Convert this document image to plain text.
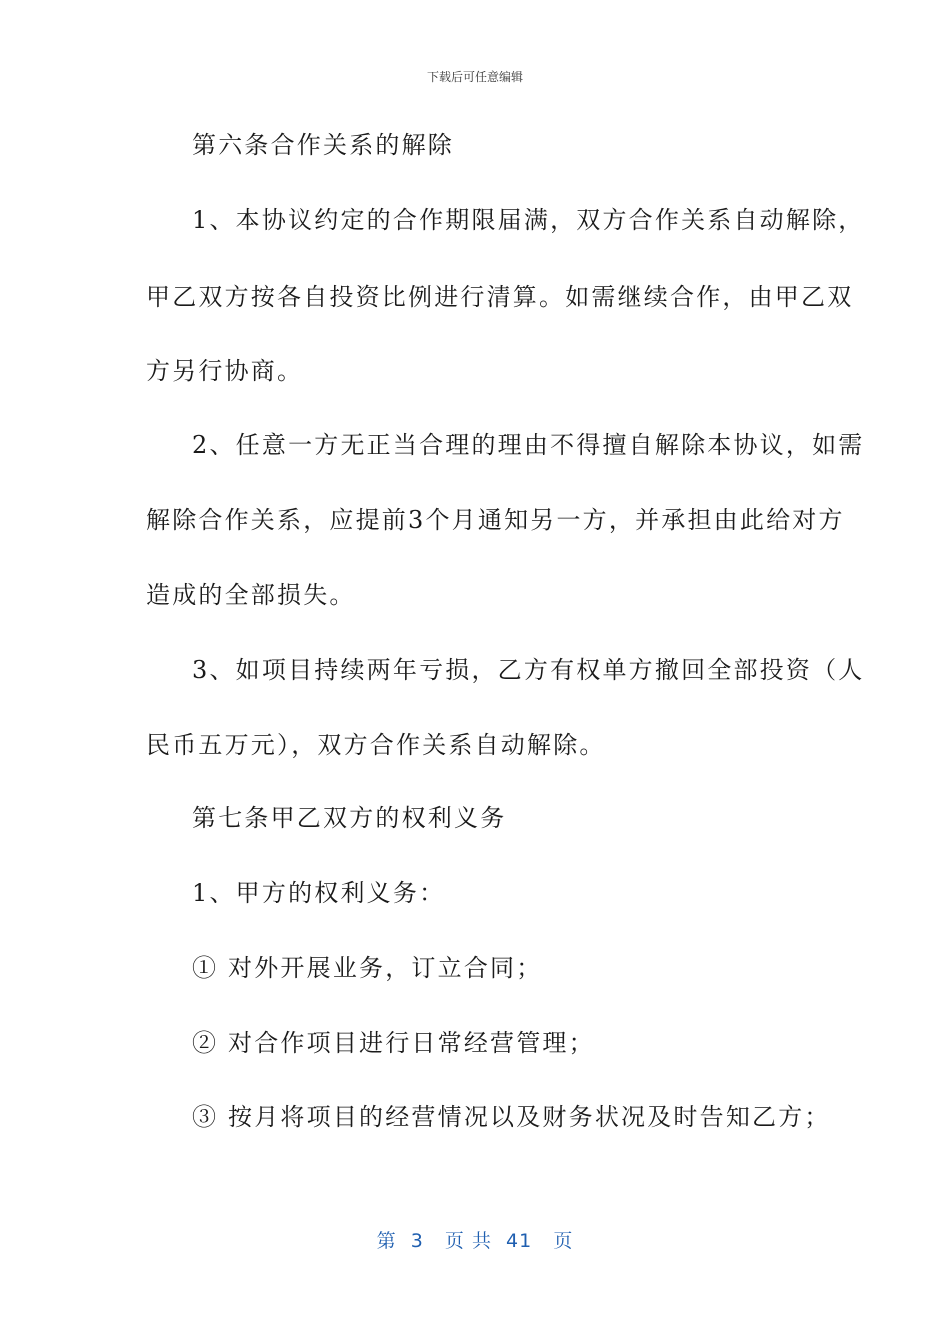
下载后可任意编辑
第六条合作关系的解除
1、本协议约定的合作期限届满，双方合作关系自动解除，
甲乙双方按各自投资比例进行清算。如需继续合作，由甲乙双
方另行协商。
2、任意一方无正当合理的理由不得擅自解除本协议，如需
解除合作关系，应提前3个月通知另一方，并承担由此给对方
造成的全部损失。
3、如项目持续两年亏损，乙方有权单方撤回全部投资（人
民币五万元），双方合作关系自动解除。
第七条甲乙双方的权利义务
1、甲方的权利义务：
① 对外开展业务，订立合同；
② 对合作项目进行日常经营管理；
③ 按月将项目的经营情况以及财务状况及时告知乙方；
第  3   页 共  41   页
